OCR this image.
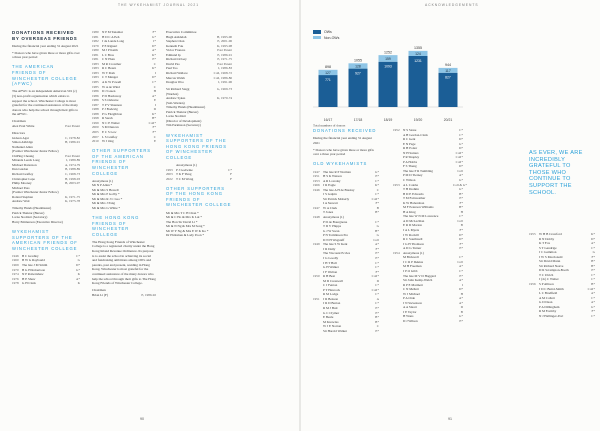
THE WYKEHAMIST JOURNAL 2021
DONATIONS RECEIVED BY OVERSEAS FRIENDS
During the financial year ending 31 August 2021
* Donors who have given three or more gifts over a three year period
THE AMERICAN FRIENDS OF WINCHESTER COLLEGE (AFWC)
The AFWC is an independent American 501 (c)(3) non-profit organisation which exists to support the school. Winchester College is most grateful for the continued assistance of the many donors who help the school through their gifts to the AFWC.
Chairman
Alex Pratt White	Past Parent
Directors
Gideon Agar	C, 1978-82
Simon Aldridge	H, 1986-91
Nathaniel Allen
(Former Winchester Junior Fellow)
ChiPing Cheung	Past Parent
Miranda Leeds Long	I, 1989-89
Michael Dotterson	A, 1974-79
Dan Gradon	B, 1988-89
Richard Grafley	C, 1968-73
Christopher Lapo	H, 1998-03
Philip Mooney	B, 2003-07
Michael Pass
(Former Winchester Junior Fellow)
Roland Stephan	K, 1971-75
Andrew Watt	K, 1975-78
Timothy Hands (Headmaster)
Patrick Thakrar (Bursar)
Lorna Stoddart (Secretary)
Harry Emmerson (Executive Director)
WYKEHAMIST SUPPORTERS OF THE AMERICAN FRIENDS OF WINCHESTER COLLEGE
1946	B C Gradley	C*
1960	B W G Raybould	G
1969	The late J M Smith	D*
1970	B G H Robertson	G*
1974	N P Robertshaw	K
1976	H E Shaw	A*
1978	G H Clark	K
1980	N P M Tanamar	F*
1981	H D C A Eeh	G*
1982	J de Lande Long	I*
1979	P E Rignert	D*
1980	M J P Keith	A*
1981	L C Bros	K*
1981	C N Phan	E*
1983	M R Crowther	C
1983	R C Hearn	K*
1983	W T Pesh	I
1983	C T Manger	D*
1985	A K W Powell	C*
1985	W A de Wind	C
1986	D J Green	H
1986	P D Hardaway	A*
1986	S S Osborne	E
1987	T P V Shannon	I
1988	P J Bodevig	D
1988	P G Fitzgibbon	K*
1998	R Sarah	H*
1999	N C E Walter	Coll*
2000	S M Duncan	F*
2005	E C S Low	F*
2007	L S Grafley	C
2010	W J Ong	E
OTHER SUPPORTERS OF THE AMERICAN FRIENDS OF WINCHESTER COLLEGE
Anonymous (1)
Mr N P Allen *
Mr & Mrs S Hewell
Mr & Mrs P Golby *
Mr & Mrs R J C Luo *
Mr & Mrs J Pang
Mr & Mrs G White *
THE HONG KONG FRIENDS OF WINCHESTER COLLEGE
The Hong Kong Friends of Winchester College is a registered charity under the Hong Kong Inland Revenue Ordinance. Its purpose is to assist the school in achieving its social and fundraising ambitions among OWs and parents, past and present, residing in Hong Kong. Winchester is most grateful for the continued assistance of the many donors who help the school through their gifts to The Hong Kong Friends of Winchester College.
Chairman
Brian Li (F)	E, 1986-92
Executive Committee
Hugh Ashdelah	H, 1995-00
Stephen Chan	E, 2001-06
Kenneth Fok	K, 1995-98
Victor Frances	Past Parent
Edmund Ip	E, 1986-91
Richard Ocloey	E, 1971-75
David Pao	Past Parent
Paul Tao	I, 1986-83
Richard Wallace	Coll, 1968-72
Marcus Walsh	Coll, 1986-86
Douglas Woo	I, 1991-96
Sir Richard Stagg	G, 1969-73
(Warden)
Andrew Sykes	K, 1970-74
(Sub-Warden)
Timothy Hands (Headmaster)
Patrick Thakrar (Bursar)
Lorna Stoddart
(Director of Development)
Tim Parkinson (Secretary)
WYKEHAMIST SUPPORTERS OF THE HONG KONG FRIENDS OF WINCHESTER COLLEGE
Anonymous (1)
1993	P J Godwine	C*
2003	T K F Yung	F
2022	T C M Wong	F
OTHER SUPPORTERS OF THE HONG KONG FRIENDS OF WINCHESTER COLLEGE
Mr & Mrs T C H Chan *
Mr & C Ho & Mrs K Lui *
The Hon Sir David Li *
Mr & N Ng & Mrs M Song *
Mr W Y Ng & Mrs E W K Ko *
Dr Philomen & Lady Poon *
90
ACKNOWLEDGEMENTS
OWs
Non-OWs
771
127
898
16/17
927
128
1055
17/18
1093
159
1252
18/19
1231
124
1355
19/20
827
117
944
20/21
Total numbers of donors
DONATIONS RECEIVED
During the financial year ending 31 August 2021
* Donors who have given three or more gifts over a three year period
OLD WYKEHAMISTS
1947	The late R P Norman	G*
1951	H S K Watson	E*
1953	A R Loveday	C*
1966	J R Eagle	K*
1946	The late A H de Breslay	C
J S Galpin	C*
Sir Patrick Moberly	Coll*
I A Stewart	F*
1947	W A Clark	B
T Jones	B*
1948	Anonymous (1)
P D de Bourgnone	C*
T D V Phipps	G
G J W Swan	H*
P N Tomlinson Pre	G
D N H Wagstaff	Coll
1949	The late S W Kent	A*
J R Daily	F*
The Viscount Eccles	E*
J G Goodly	E*
J H T Hall	C*
G H Walker	C*
J F Walton	F*
1950	R H Best	Coll*
M D Cresswell	D
C J Fenton	C*
P T Hancock	Coll*
R M Lodge	C*
1951	J R Benson	A
J R D Barton	C*
R M J Butt	E*
G C Clymer	E*
E Beale	B*
M Knowles	B*
W J E Norton	C
Sir Harold Walker	E*
1952	N S Stone	C*
A H Gordon-Clark	C*
R C Gent	D*
E N Page	G*
R H Potter	D*
N H Sutters	Coll*
P R Shapley	Coll*
P A Hobbs	Coll*
F S Theng	D*
The late P R Tumbling	Coll
P M D Tierney	A*
C Wilson	G*
1953	A L Colebe	Coll & G*
T H Dodkin	G*
B D E Edwards	B*
T M Fairweather	E*
K W Habershon	F*
M F Peterson Williams	H*
H A King	H
The late W N M Lawrence	C*
A D McLachlan	Coll
E R D Morton	B
J A L Myers	F*
J W Rockill	D*
R C Southwell	D*
J G H Thomson	F*
A D G Turner	E*
1954	Anonymous (1)
M Bickwell	C*
J C R P Dekius	Coll
M H Freeman	A*
J P O Gibb	C*
The late M V D Haggard	E*
Sir John Kemp-Welch	A*
R P E Marmert	I
C N Mellett	D*
W J Michael	H
P A Orde	A*
J N Stevenson	A*
A A Stuart	D
J E Taylor	B
H Wans	G*
D J Wilson	E*
AS EVER, WE ARE INCREDIBLY GRATEFUL TO THOSE WHO CONTINUE TO SUPPORT THE SCHOOL.
1955	W H B Crawford	K*
R N Dobby	D*
K T Fox	A*
S T Gandrige	C*
J C Gammon	G
J W S Macdonald	F*
Sir David Mann	B*
Sir Richard Neave	H*
D R Scrampton-Booth	E*
T C Ulrich	C*
J (Jo) C Walter	C*
1956	S P Allison	B*
J D C Baird-Smith	Coll*
L C Bradfield	A*
A M Collett	C*
G D Dean	A*
P A Dillingham	G*
R M Formby	F*
N J Hallinger-Port	C*
91
